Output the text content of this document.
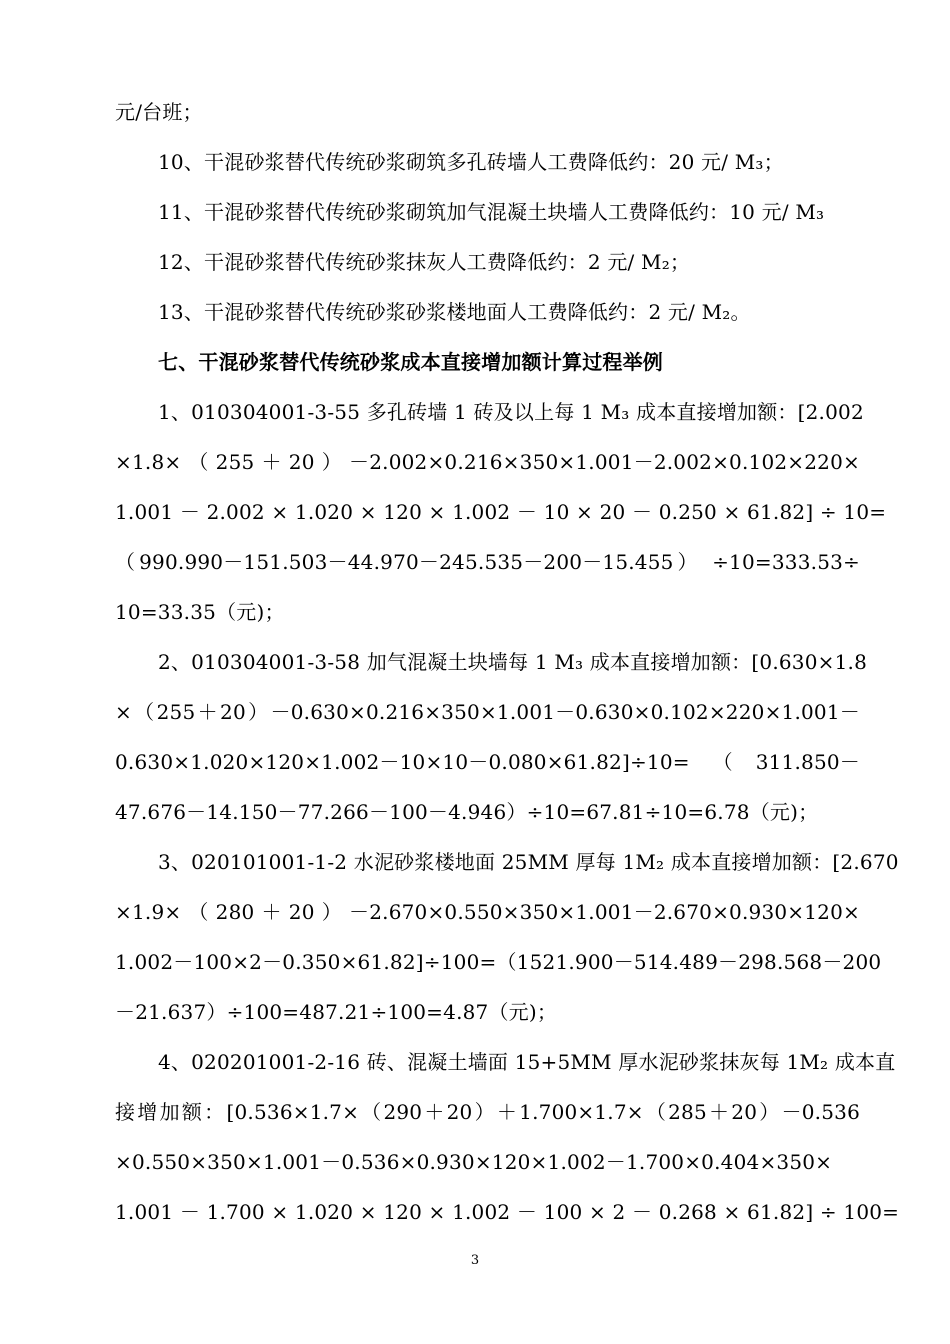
元/台班；
10、干混砂浆替代传统砂浆砌筑多孔砖墙人工费降低约：20 元/ M₃；
11、干混砂浆替代传统砂浆砌筑加气混凝土块墙人工费降低约：10 元/ M₃
12、干混砂浆替代传统砂浆抹灰人工费降低约：2 元/ M₂；
13、干混砂浆替代传统砂浆砂浆楼地面人工费降低约：2 元/ M₂。
七、干混砂浆替代传统砂浆成本直接增加额计算过程举例
1、010304001-3-55 多孔砖墙 1 砖及以上每 1 M₃ 成本直接增加额：[2.002
×1.8×（255＋20）－2.002×0.216×350×1.001－2.002×0.102×220×
1.001 － 2.002 × 1.020 × 120 × 1.002 － 10 × 20 － 0.250 × 61.82] ÷ 10=
（990.990－151.503－44.970－245.535－200－15.455） ÷10=333.53÷
10=33.35（元)；
2、010304001-3-58 加气混凝土块墙每 1 M₃ 成本直接增加额：[0.630×1.8
×（255＋20）－0.630×0.216×350×1.001－0.630×0.102×220×1.001－
0.630×1.020×120×1.002－10×10－0.080×61.82]÷10=（311.850－
47.676－14.150－77.266－100－4.946）÷10=67.81÷10=6.78（元)；
3、020101001-1-2 水泥砂浆楼地面 25MM 厚每 1M₂ 成本直接增加额：[2.670
×1.9×（280＋20）－2.670×0.550×350×1.001－2.670×0.930×120×
1.002－100×2－0.350×61.82]÷100=（1521.900－514.489－298.568－200
－21.637）÷100=487.21÷100=4.87（元)；
4、020201001-2-16 砖、混凝土墙面 15+5MM 厚水泥砂浆抹灰每 1M₂ 成本直
接增加额：[0.536×1.7×（290＋20）＋1.700×1.7×（285＋20）－0.536
×0.550×350×1.001－0.536×0.930×120×1.002－1.700×0.404×350×
1.001 － 1.700 × 1.020 × 120 × 1.002 － 100 × 2 － 0.268 × 61.82] ÷ 100=
3
